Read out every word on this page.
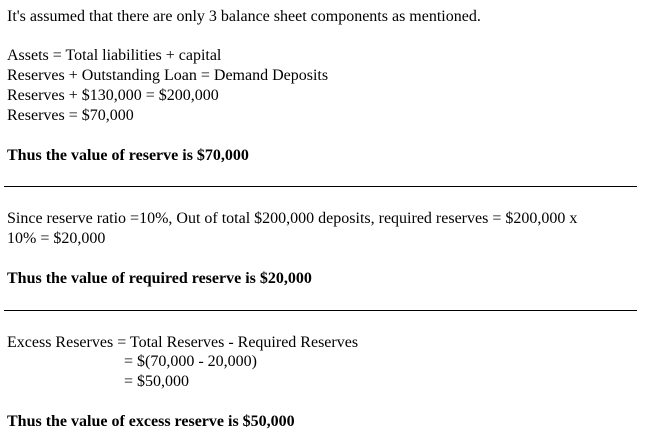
It's assumed that there are only 3 balance sheet components as mentioned.
Assets = Total liabilities + capital
Reserves + Outstanding Loan = Demand Deposits
Reserves + $130,000 = $200,000
Reserves = $70,000
Thus the value of reserve is $70,000
Since reserve ratio =10%, Out of total $200,000 deposits, required reserves = $200,000 x
10% = $20,000
Thus the value of required reserve is $20,000
Excess Reserves = Total Reserves - Required Reserves
= $(70,000 - 20,000)
= $50,000
Thus the value of excess reserve is $50,000
